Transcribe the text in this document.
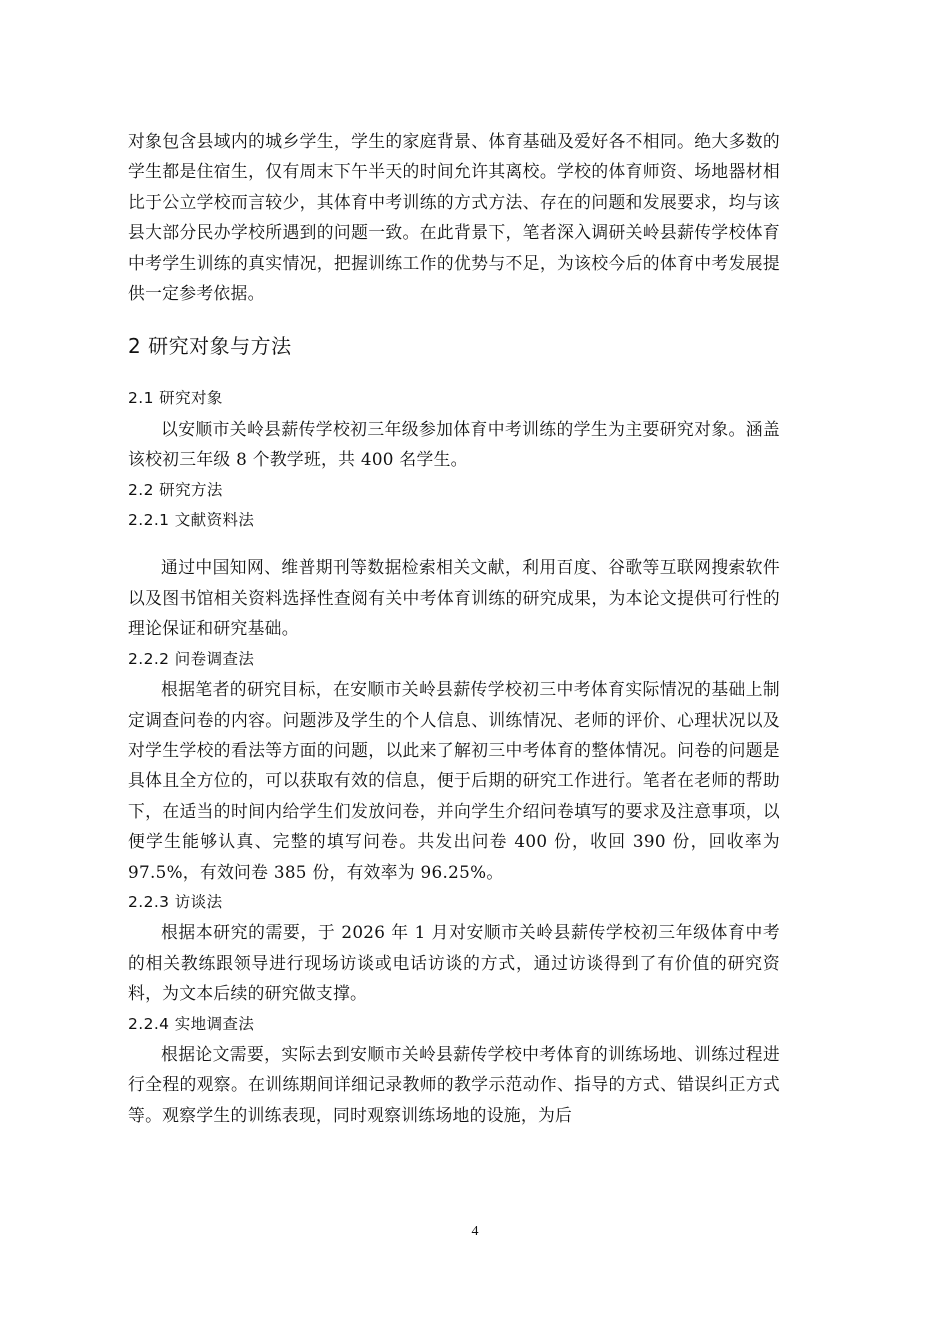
对象包含县域内的城乡学生，学生的家庭背景、体育基础及爱好各不相同。绝大多数的学生都是住宿生，仅有周末下午半天的时间允许其离校。学校的体育师资、场地器材相比于公立学校而言较少，其体育中考训练的方式方法、存在的问题和发展要求，均与该县大部分民办学校所遇到的问题一致。在此背景下，笔者深入调研关岭县薪传学校体育中考学生训练的真实情况，把握训练工作的优势与不足，为该校今后的体育中考发展提供一定参考依据。

2 研究对象与方法
2.1 研究对象

以安顺市关岭县薪传学校初三年级参加体育中考训练的学生为主要研究对象。涵盖该校初三年级 8 个教学班，共 400 名学生。

2.2 研究方法
2.2.1 文献资料法

通过中国知网、维普期刊等数据检索相关文献，利用百度、谷歌等互联网搜索软件以及图书馆相关资料选择性查阅有关中考体育训练的研究成果，为本论文提供可行性的理论保证和研究基础。

2.2.2 问卷调查法

根据笔者的研究目标，在安顺市关岭县薪传学校初三中考体育实际情况的基础上制定调查问卷的内容。问题涉及学生的个人信息、训练情况、老师的评价、心理状况以及对学生学校的看法等方面的问题，以此来了解初三中考体育的整体情况。问卷的问题是具体且全方位的，可以获取有效的信息，便于后期的研究工作进行。笔者在老师的帮助下，在适当的时间内给学生们发放问卷，并向学生介绍问卷填写的要求及注意事项，以便学生能够认真、完整的填写问卷。共发出问卷 400 份，收回 390 份，回收率为 97.5%，有效问卷 385 份，有效率为 96.25%。

2.2.3 访谈法

根据本研究的需要，于 2026 年 1 月对安顺市关岭县薪传学校初三年级体育中考的相关教练跟领导进行现场访谈或电话访谈的方式，通过访谈得到了有价值的研究资料，为文本后续的研究做支撑。

2.2.4 实地调查法

根据论文需要，实际去到安顺市关岭县薪传学校中考体育的训练场地、训练过程进行全程的观察。在训练期间详细记录教师的教学示范动作、指导的方式、错误纠正方式等。观察学生的训练表现，同时观察训练场地的设施，为后

4
